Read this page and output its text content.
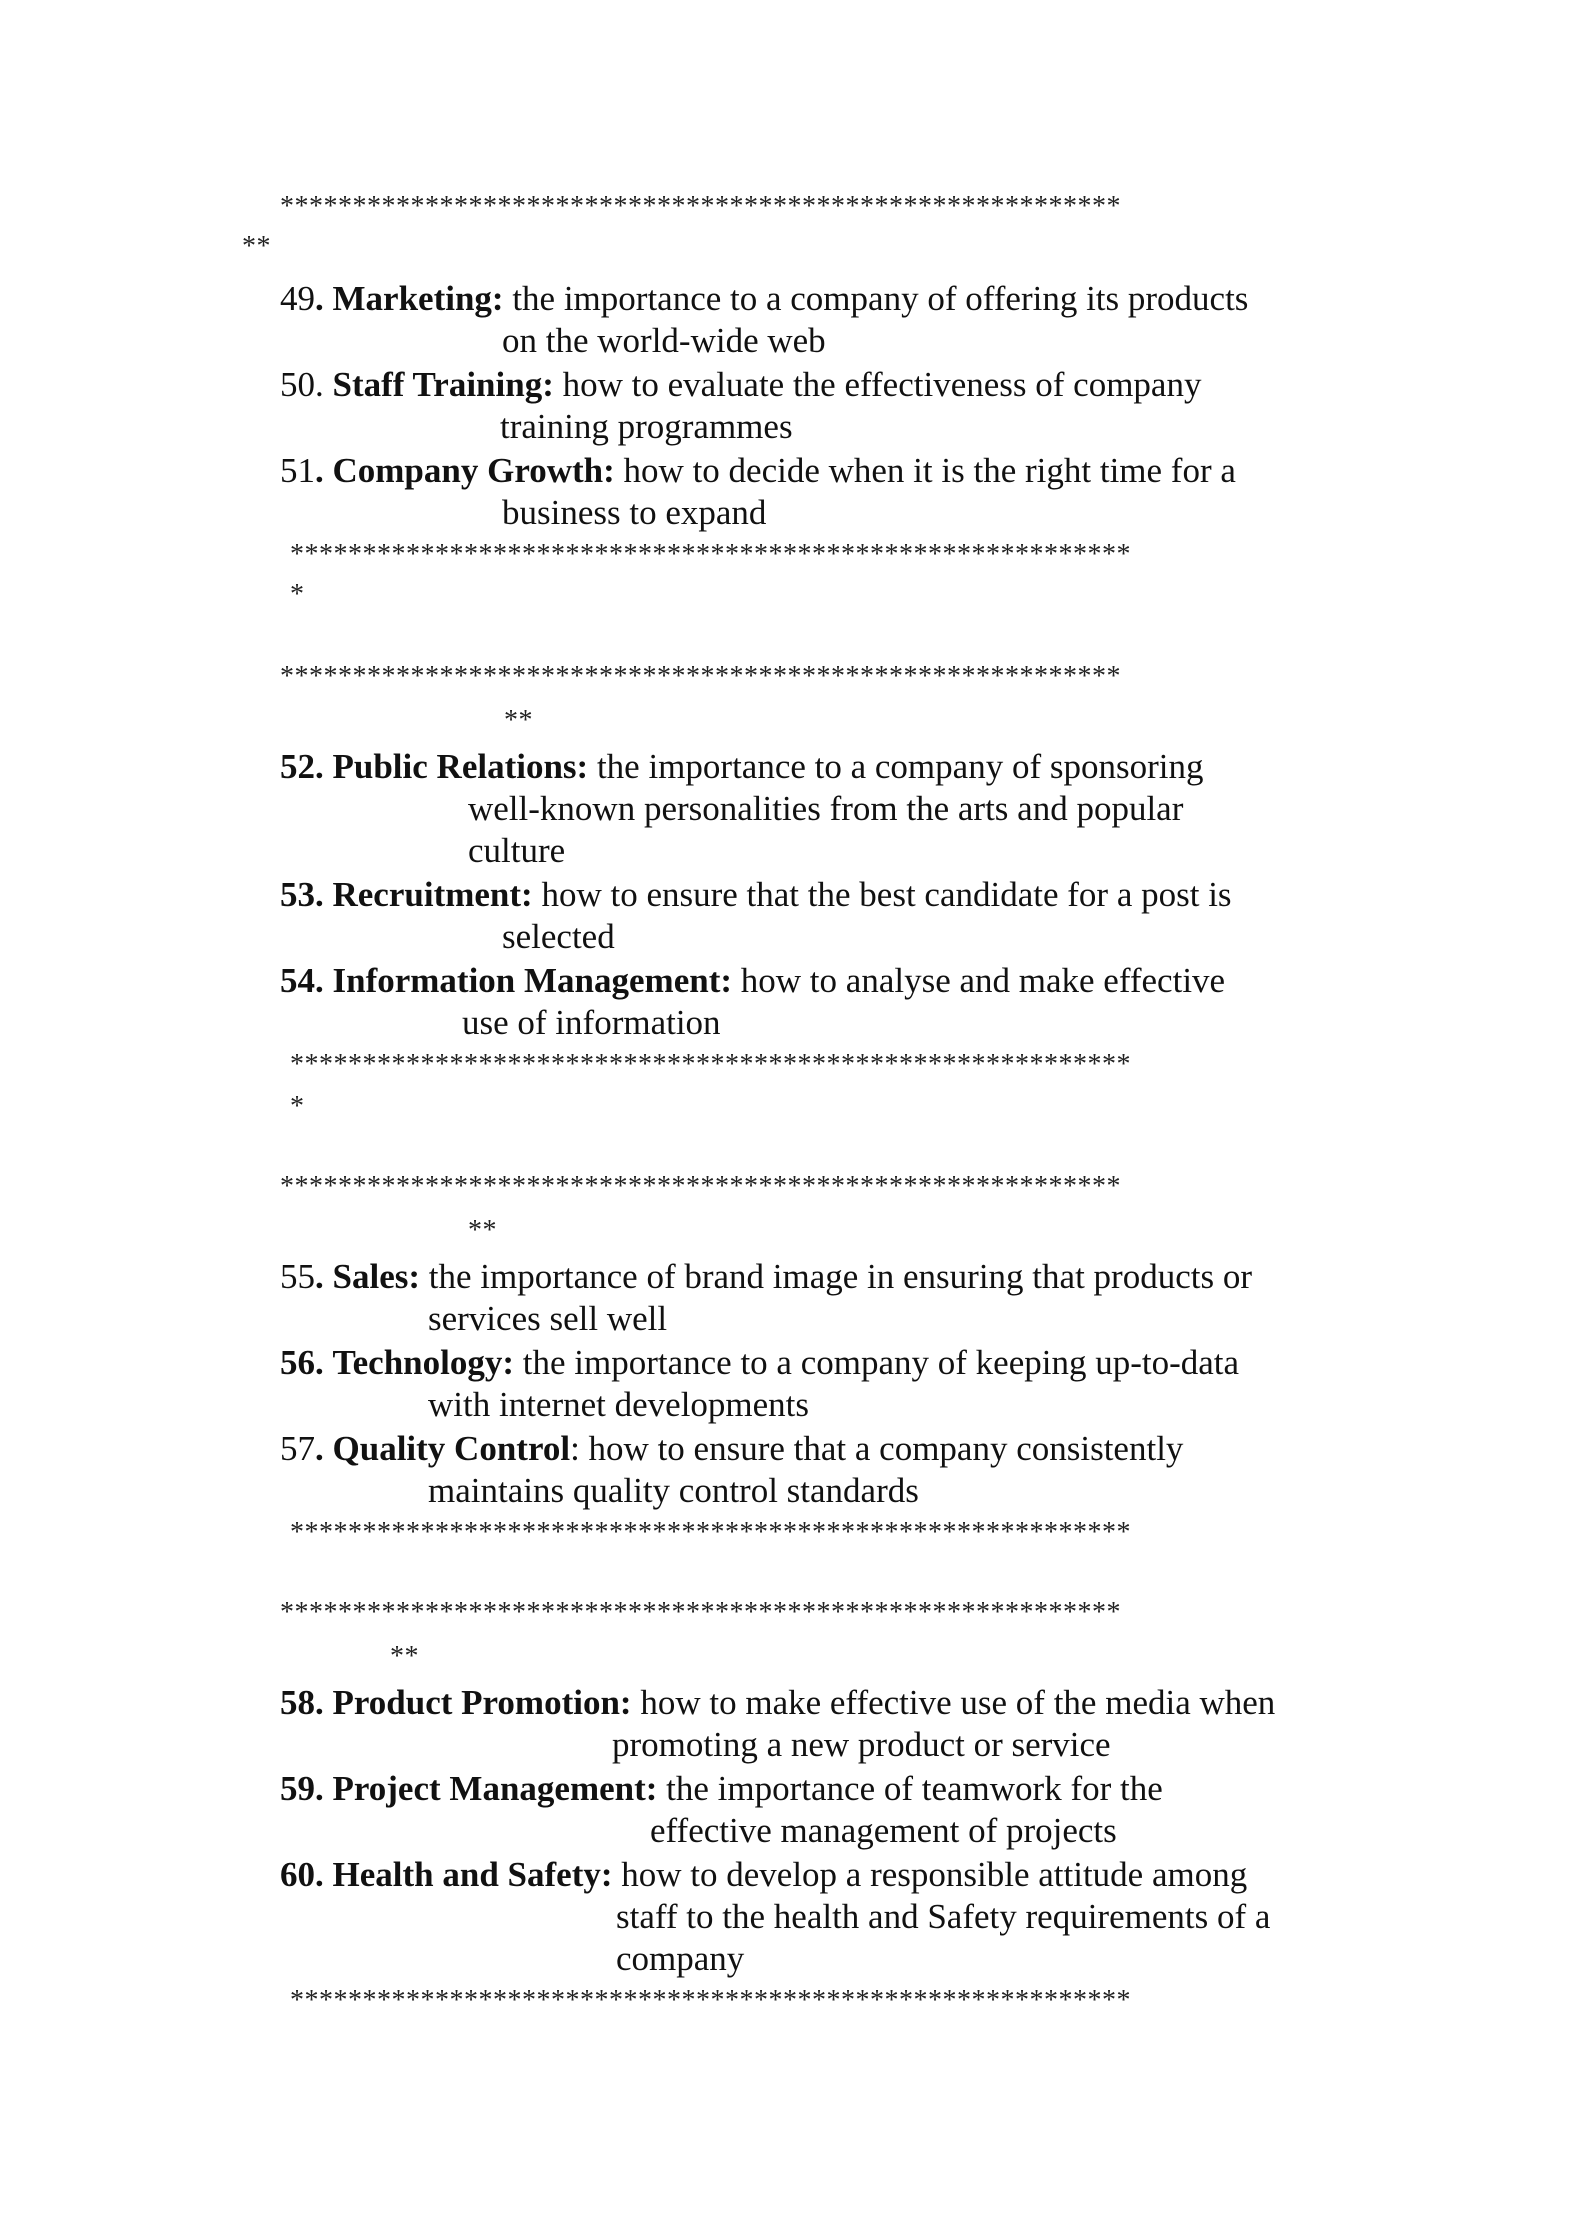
**********************************************************
**
49. Marketing: the importance to a company of offering its products
on the world-wide web
50. Staff Training: how to evaluate the effectiveness of company
training programmes
51. Company Growth: how to decide when it is the right time for a
business to expand
**********************************************************
*
**********************************************************
**
52. Public Relations: the importance to a company of sponsoring
well-known personalities from the arts and popular
culture
53. Recruitment: how to ensure that the best candidate for a post is
selected
54. Information Management: how to analyse and make effective
use of information
**********************************************************
*
**********************************************************
**
55. Sales: the importance of brand image in ensuring that products or
services sell well
56. Technology: the importance to a company of keeping up-to-data
with internet developments
57. Quality Control: how to ensure that a company consistently
maintains quality control standards
**********************************************************
**********************************************************
**
58. Product Promotion: how to make effective use of the media when
promoting a new product or service
59. Project Management: the importance of teamwork for the
effective management of projects
60. Health and Safety: how to develop a responsible attitude among
staff to the health and Safety requirements of a
company
**********************************************************
